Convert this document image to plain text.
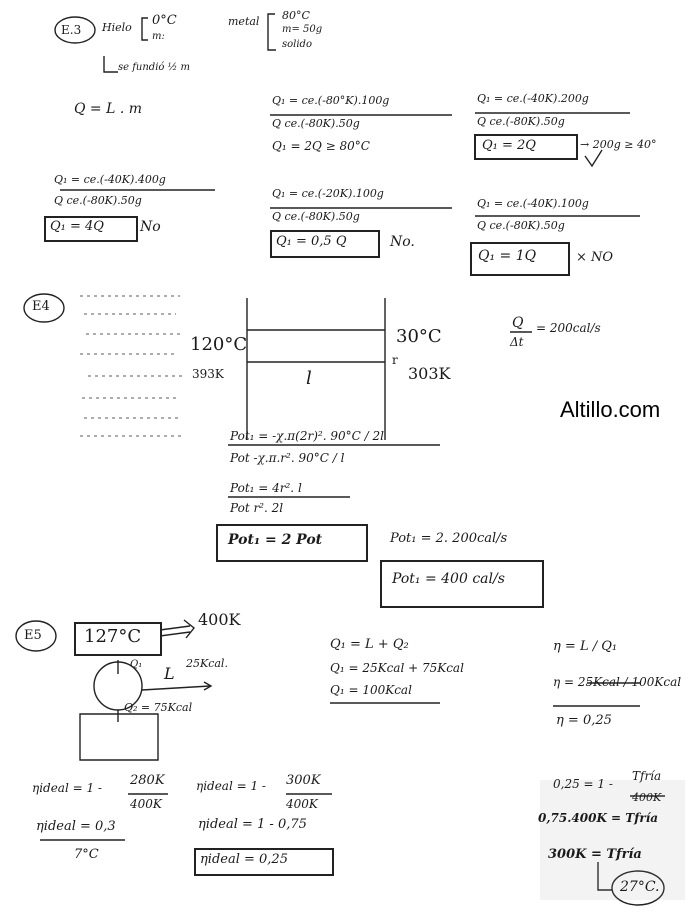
Altillo.com
E.3 Hielo 0°C
m:
metal 80°C
m= 50g
solido
se fundió ½ m
Q = L . m
Q₁ = ce.(-80°K).100g
Q ce.(-80K).50g
Q₁ = 2Q ≥ 80°C
Q₁ = ce.(-20K).100g
Q ce.(-80K).50g
Q₁ = 0,5 Q	No.
Q₁ = ce.(-40K).200g
Q ce.(-80K).50g
Q₁ = 2Q	→ 200g ≥ 40°
Q₁ = ce.(-40K).100g
Q ce.(-80K).50g
Q₁ = 1Q	× NO
Q₁ = ce.(-40K).400g
Q ce.(-80K).50g
Q₁ = 4Q	No
E4
120°C
393K
30°C
r
303K
l
Q
Δt
= 200cal/s
Pot₁ = -χ.π(2r)². 90°C / 2l
Pot -χ.π.r². 90°C / l
Pot₁ = 4r². l
Pot r². 2l
Pot₁ = 2 Pot	Pot₁ = 2. 200cal/s
Pot₁ = 400 cal/s
E5 127°C
400K
Q₁ L
25Kcal.
Q₂ = 75Kcal
Q₁ = L + Q₂
Q₁ = 25Kcal + 75Kcal
Q₁ = 100Kcal
η = L / Q₁
η = 25Kcal / 100Kcal
η = 0,25
ηideal = 1 - 280K
400K
ηideal = 0,3
7°C
ηideal = 1 - 300K
400K
ηideal = 1 - 0,75
ηideal = 0,25
0,25 = 1 -
Tfría
400K
0,75.400K = Tfría
300K = Tfría
27°C.
